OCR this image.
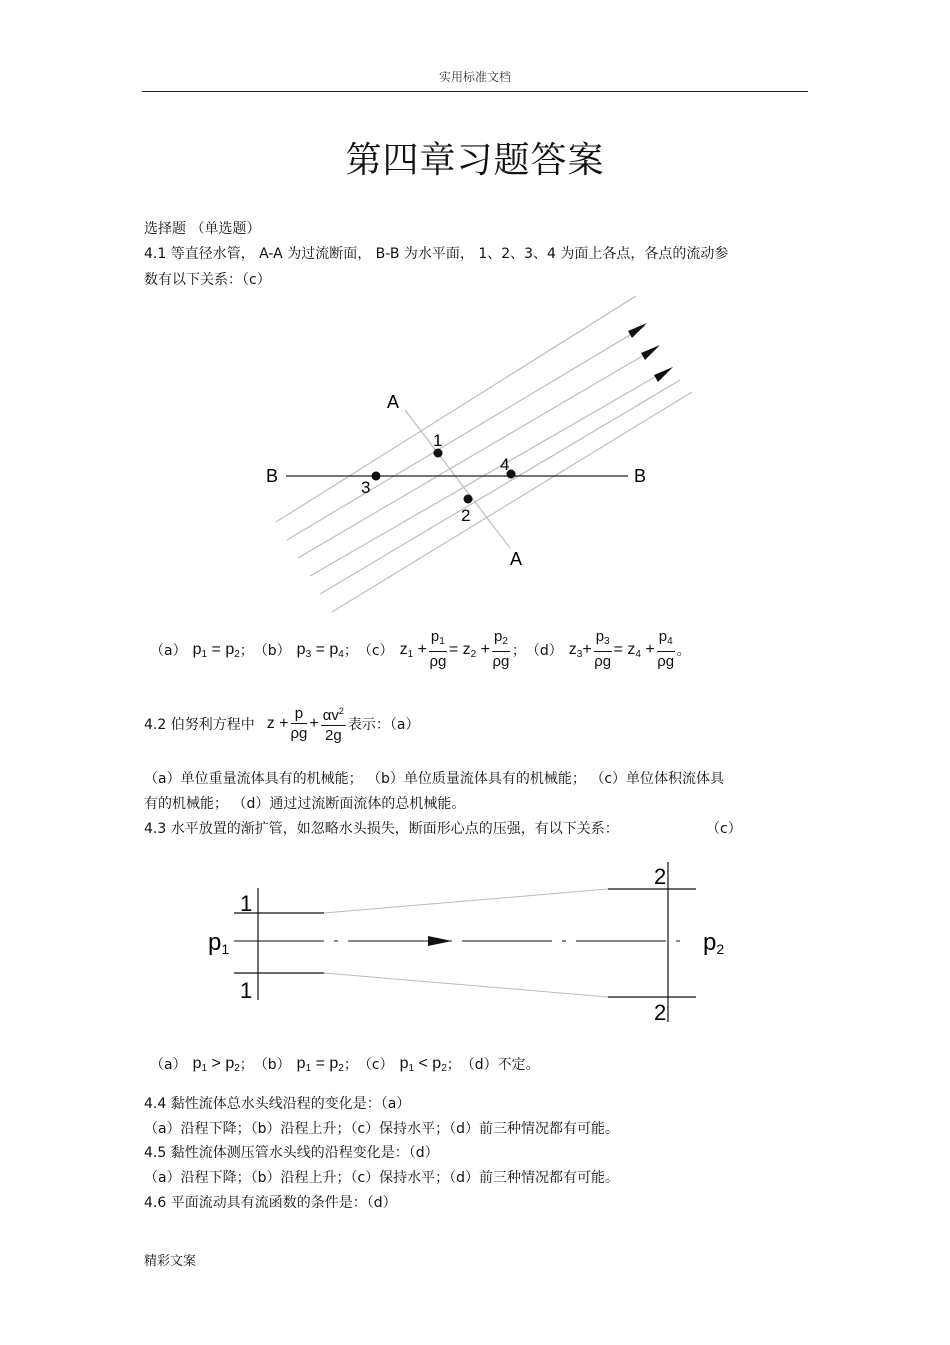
实用标准文档
第四章习题答案
选择题 （单选题）
4.1 等直径水管， A-A 为过流断面， B-B 为水平面， 1、2、3、4 为面上各点，各点的流动参
数有以下关系：（c）
A
A
B	B
1
2
3
4
1
1
2
2
p1	p2
（a） $p_1 = p_2$ ； （b） $p_3 = p_4$ ； （c） $z_1 + \frac{p_1}{\rho g} = z_2 + \frac{p_2}{\rho g}$ ； （d） $z_3+ \frac{p_3}{\rho g} = z_4 + \frac{p_4}{\rho g}$ 。
4.2 伯努利方程中 $z + \frac{p}{\rho g} + \frac{\alpha v^2}{2g}$ 表示：（a）
（a）单位重量流体具有的机械能； （b）单位质量流体具有的机械能； （c）单位体积流体具
有的机械能； （d）通过过流断面流体的总机械能。
4.3 水平放置的渐扩管，如忽略水头损失，断面形心点的压强，有以下关系：	（c）
（a） $p_1 > p_2$ ； （b） $p_1 = p_2$ ； （c） $p_1 < p_2$ ； （d）不定。
4.4 黏性流体总水头线沿程的变化是：（a）
（a）沿程下降；（b）沿程上升；（c）保持水平；（d）前三种情况都有可能。
4.5 黏性流体测压管水头线的沿程变化是：（d）
（a）沿程下降；（b）沿程上升；（c）保持水平；（d）前三种情况都有可能。
4.6 平面流动具有流函数的条件是：（d）
精彩文案
